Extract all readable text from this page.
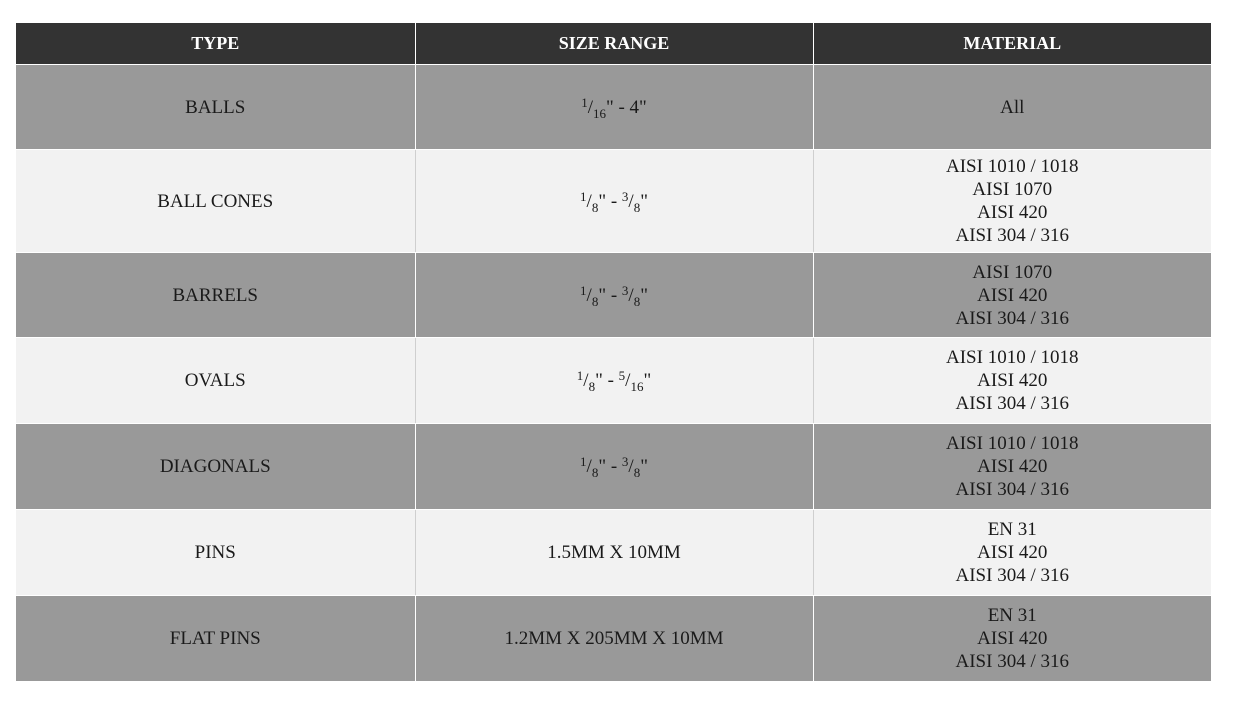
TYPE	SIZE RANGE	MATERIAL
BALLS	$^1/_{16}$" - 4"	All

BALL CONES	$^1/_8$" - $^3/_8$"	AISI 1010 / 1018
AISI 1070
AISI 420
AISI 304 / 316

BARRELS	$^1/_8$" - $^3/_8$"	AISI 1070
AISI 420
AISI 304 / 316

OVALS	$^1/_8$" - $^5/_{16}$"	AISI 1010 / 1018
AISI 420
AISI 304 / 316

DIAGONALS	$^1/_8$" - $^3/_8$"	AISI 1010 / 1018
AISI 420
AISI 304 / 316

PINS	1.5MM X 10MM	EN 31
AISI 420
AISI 304 / 316

FLAT PINS	1.2MM X 205MM X 10MM	EN 31
AISI 420
AISI 304 / 316
